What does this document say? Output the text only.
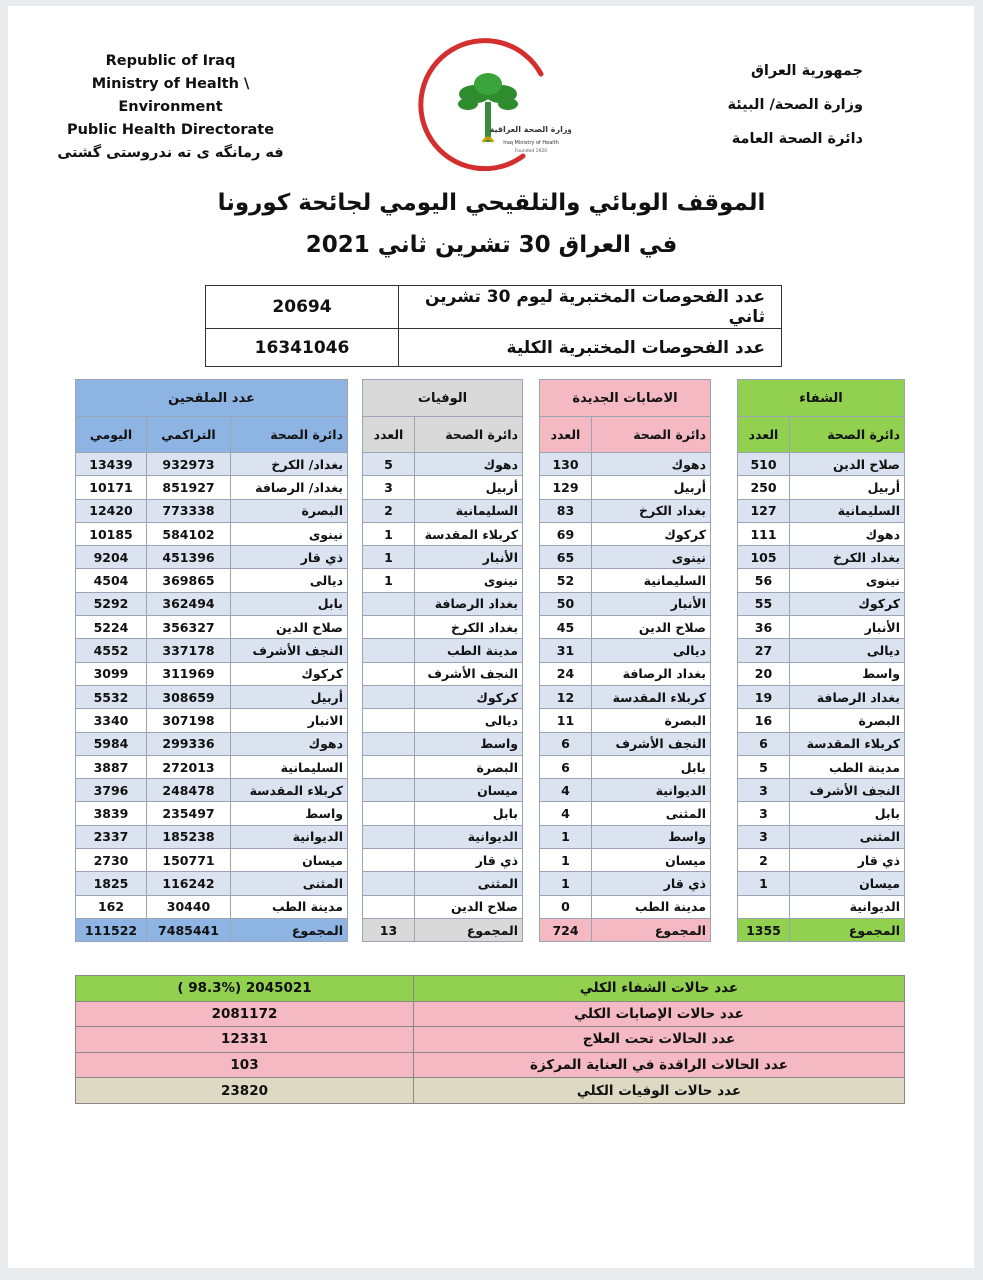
Republic of Iraq
Ministry of Health \ Environment
Public Health Directorate
فه رمانگه ى ته ندروستى گشتى
جمهورية العراق
وزارة الصحة/ البيئة
دائرة الصحة العامة
وزارة الصحة العراقية
Iraq Ministry of Health
Founded 1920
الموقف الوبائي والتلقيحي اليومي لجائحة كورونا
في العراق 30 تشرين ثاني 2021
20694	عدد الفحوصات المختبرية ليوم 30 تشرين ثاني
16341046	عدد الفحوصات المختبرية الكلية
عدد الملقحين		
اليومي	التراكمي	دائرة الصحة
13439	932973	بغداد/ الكرخ
10171	851927	بغداد/ الرصافة
12420	773338	البصرة
10185	584102	نينوى
9204	451396	ذي قار
4504	369865	ديالى
5292	362494	بابل
5224	356327	صلاح الدين
4552	337178	النجف الأشرف
3099	311969	كركوك
5532	308659	أربيل
3340	307198	الانبار
5984	299336	دهوك
3887	272013	السليمانية
3796	248478	كربلاء المقدسة
3839	235497	واسط
2337	185238	الديوانية
2730	150771	ميسان
1825	116242	المثنى
162	30440	مدينة الطب
111522	7485441	المجموع
الوفيات	
العدد	دائرة الصحة
5	دهوك
3	أربيل
2	السليمانية
1	كربلاء المقدسة
1	الأنبار
1	نينوى
	بغداد الرصافة
	بغداد الكرخ
	مدينة الطب
	النجف الأشرف
	كركوك
	ديالى
	واسط
	البصرة
	ميسان
	بابل
	الديوانية
	ذي قار
	المثنى
	صلاح الدين
13	المجموع
الاصابات الجديدة	
العدد	دائرة الصحة
130	دهوك
129	أربيل
83	بغداد الكرخ
69	كركوك
65	نينوى
52	السليمانية
50	الأنبار
45	صلاح الدين
31	ديالى
24	بغداد الرصافة
12	كربلاء المقدسة
11	البصرة
6	النجف الأشرف
6	بابل
4	الديوانية
4	المثنى
1	واسط
1	ميسان
1	ذي قار
0	مدينة الطب
724	المجموع
الشفاء	
العدد	دائرة الصحة
510	صلاح الدين
250	أربيل
127	السليمانية
111	دهوك
105	بغداد الكرخ
56	نينوى
55	كركوك
36	الأنبار
27	ديالى
20	واسط
19	بغداد الرصافة
16	البصرة
6	كربلاء المقدسة
5	مدينة الطب
3	النجف الأشرف
3	بابل
3	المثنى
2	ذي قار
1	ميسان
	الديوانية
1355	المجموع
( 98.3%) 2045021	عدد حالات الشفاء الكلي
2081172	عدد حالات الإصابات الكلي
12331	عدد الحالات تحت العلاج
103	عدد الحالات الراقدة في العناية المركزة
23820	عدد حالات الوفيات الكلي
